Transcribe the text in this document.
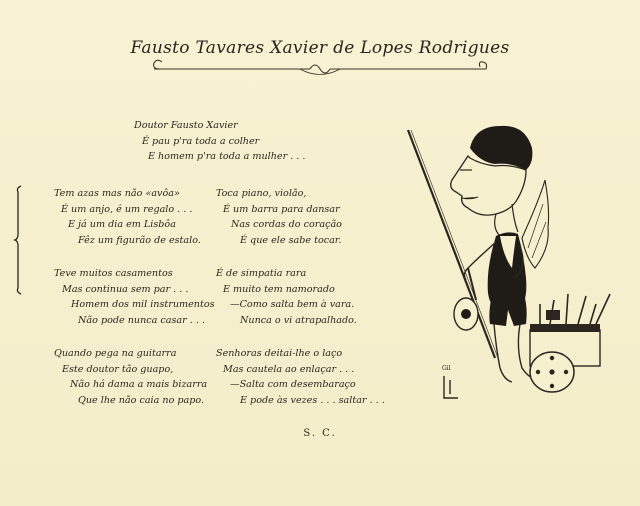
Fausto Tavares Xavier de Lopes Rodrigues
Doutor Fausto Xavier
É pau p'ra toda a colher
E homem p'ra toda a mulher . . .
Tem azas mas não «avôa»
É um anjo, é um regalo . . .
E já um dia em Lisbôa
Fêz um figurão de estalo.
Toca piano, violão,
É um barra para dansar
Nas cordas do coração
É que ele sabe tocar.
Teve muitos casamentos
Mas continua sem par . . .
Homem dos mil instrumentos
Não pode nunca casar . . .
É de simpatia rara
E muito tem namorado
—Como salta bem à vara.
Nunca o vi atrapalhado.
Quando pega na guitarra
Este doutor tão guapo,
Não há dama a mais bizarra
Que lhe não caia no papo.
Senhoras deitai-lhe o laço
Mas cautela ao enlaçar . . .
—Salta com desembaraço
E pode às vezes . . . saltar . . .
S. C.
Gil
